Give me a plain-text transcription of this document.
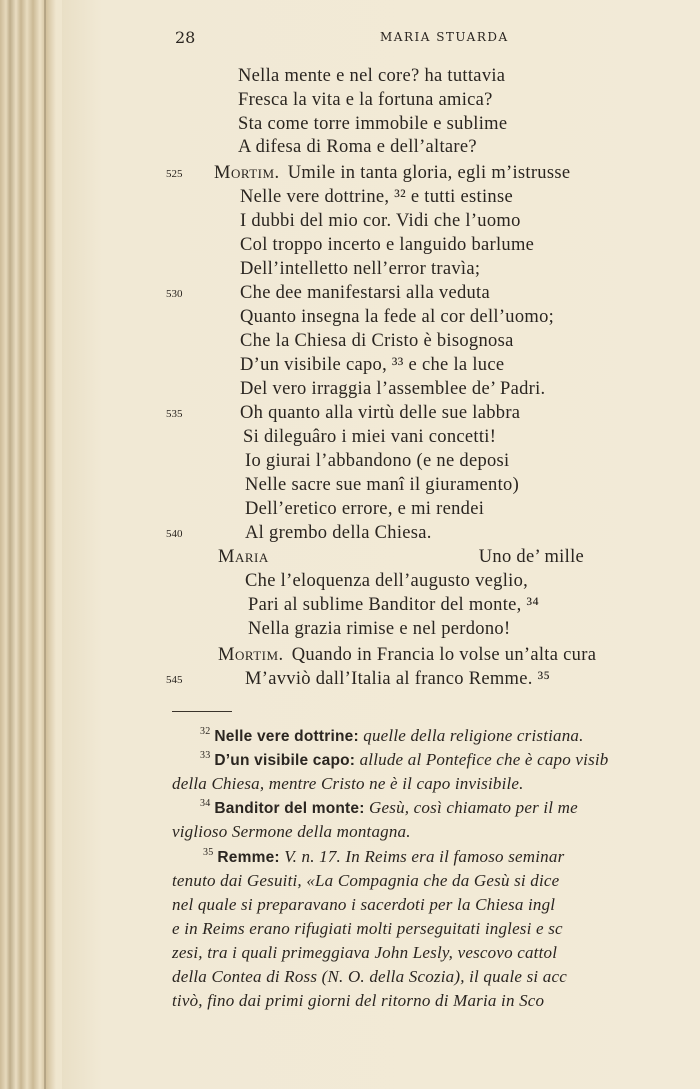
28	MARIA STUARDA
Nella mente e nel core? ha tuttavia
Fresca la vita e la fortuna amica?
Sta come torre immobile e sublime
A difesa di Roma e dell’altare?
Mortim. Umile in tanta gloria, egli m’istrusse
525
Nelle vere dottrine, ³² e tutti estinse
I dubbi del mio cor. Vidi che l’uomo
Col troppo incerto e languido barlume
Dell’intelletto nell’error travìa;
Che dee manifestarsi alla veduta
530
Quanto insegna la fede al cor dell’uomo;
Che la Chiesa di Cristo è bisognosa
D’un visibile capo, ³³ e che la luce
Del vero irraggia l’assemblee de’ Padri.
Oh quanto alla virtù delle sue labbra
535
Si dileguâro i miei vani concetti!
Io giurai l’abbandono (e ne deposi
Nelle sacre sue manî il giuramento)
Dell’eretico errore, e mi rendei
Al grembo della Chiesa.
540
Maria	Uno de’ mille
Che l’eloquenza dell’augusto veglio,
Pari al sublime Banditor del monte, ³⁴
Nella grazia rimise e nel perdono!
Mortim. Quando in Francia lo volse un’alta cura
M’avviò dall’Italia al franco Remme. ³⁵
545
$^{32}$ Nelle vere dottrine: quelle della religione cristiana.
$^{33}$ D’un visibile capo: allude al Pontefice che è capo visib
della Chiesa, mentre Cristo ne è il capo invisibile.
$^{34}$ Banditor del monte: Gesù, così chiamato per il me
viglioso Sermone della montagna.
$^{35}$ Remme: V. n. 17. In Reims era il famoso seminar
tenuto dai Gesuiti, «La Compagnia che da Gesù si dice
nel quale si preparavano i sacerdoti per la Chiesa ingl
e in Reims erano rifugiati molti perseguitati inglesi e sc
zesi, tra i quali primeggiava John Lesly, vescovo cattol
della Contea di Ross (N. O. della Scozia), il quale si acc
tivò, fino dai primi giorni del ritorno di Maria in Sco
